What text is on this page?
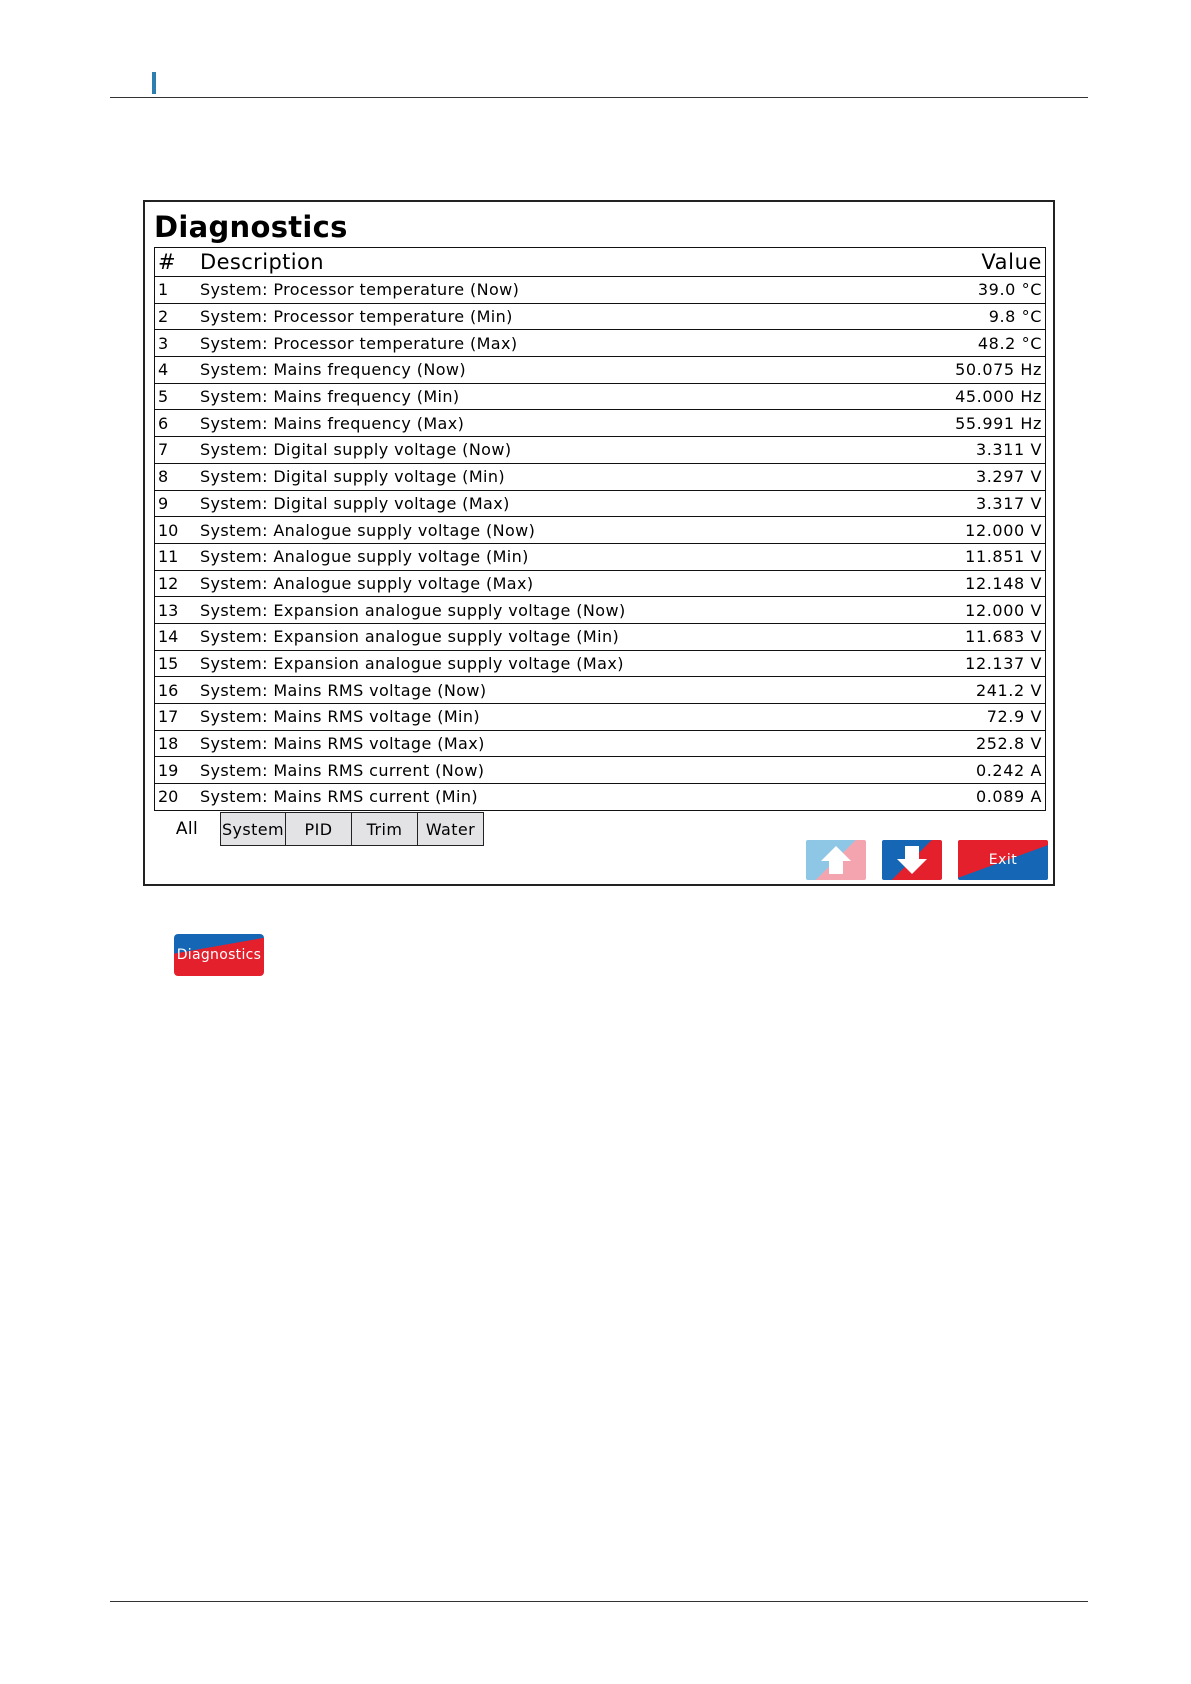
Diagnostics
#	Description	Value
1	System: Processor temperature (Now)	39.0 °C
2	System: Processor temperature (Min)	9.8 °C
3	System: Processor temperature (Max)	48.2 °C
4	System: Mains frequency (Now)	50.075 Hz
5	System: Mains frequency (Min)	45.000 Hz
6	System: Mains frequency (Max)	55.991 Hz
7	System: Digital supply voltage (Now)	3.311 V
8	System: Digital supply voltage (Min)	3.297 V
9	System: Digital supply voltage (Max)	3.317 V
10	System: Analogue supply voltage (Now)	12.000 V
11	System: Analogue supply voltage (Min)	11.851 V
12	System: Analogue supply voltage (Max)	12.148 V
13	System: Expansion analogue supply voltage (Now)	12.000 V
14	System: Expansion analogue supply voltage (Min)	11.683 V
15	System: Expansion analogue supply voltage (Max)	12.137 V
16	System: Mains RMS voltage (Now)	241.2 V
17	System: Mains RMS voltage (Min)	72.9 V
18	System: Mains RMS voltage (Max)	252.8 V
19	System: Mains RMS current (Now)	0.242 A
20	System: Mains RMS current (Min)	0.089 A
All	System	PID	Trim	Water
Exit
Diagnostics
